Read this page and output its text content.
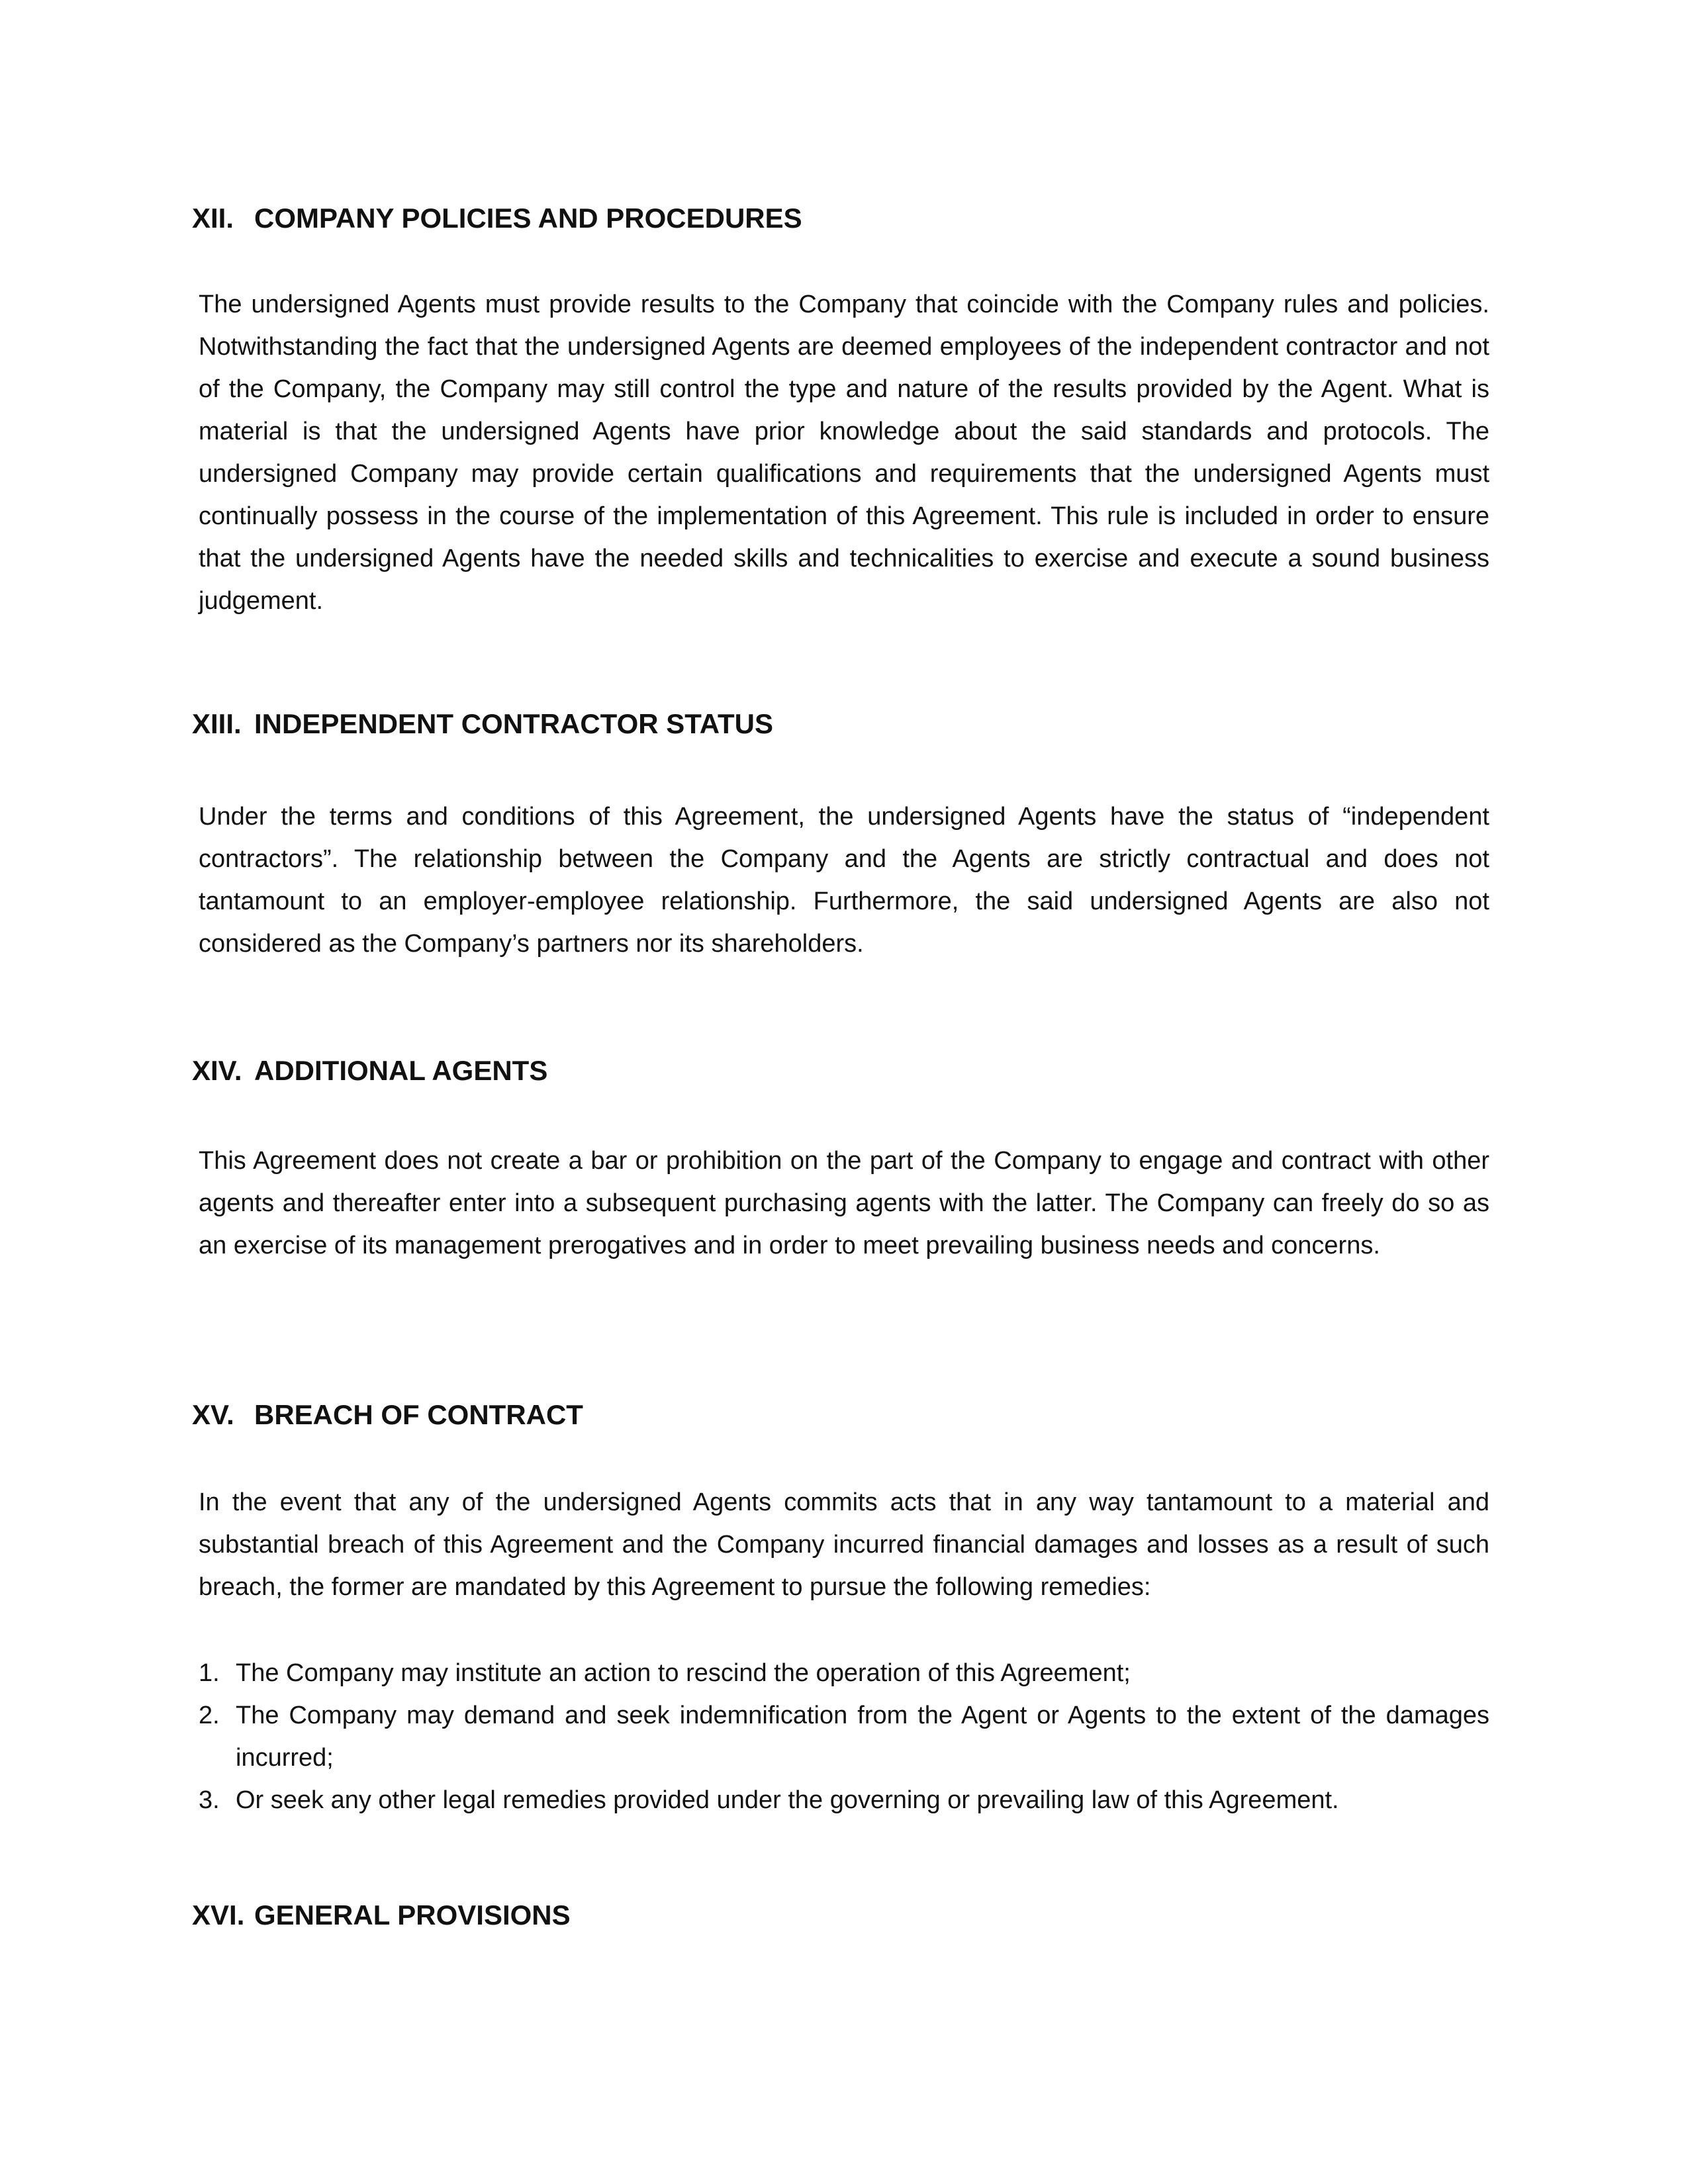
XII. COMPANY POLICIES AND PROCEDURES

The undersigned Agents must provide results to the Company that coincide with the Company rules and policies. Notwithstanding the fact that the undersigned Agents are deemed employees of the independent contractor and not of the Company, the Company may still control the type and nature of the results provided by the Agent. What is material is that the undersigned Agents have prior knowledge about the said standards and protocols. The undersigned Company may provide certain qualifications and requirements that the undersigned Agents must continually possess in the course of the implementation of this Agreement. This rule is included in order to ensure that the undersigned Agents have the needed skills and technicalities to exercise and execute a sound business judgement.

XIII. INDEPENDENT CONTRACTOR STATUS

Under the terms and conditions of this Agreement, the undersigned Agents have the status of “independent contractors”. The relationship between the Company and the Agents are strictly contractual and does not tantamount to an employer-employee relationship. Furthermore, the said undersigned Agents are also not considered as the Company’s partners nor its shareholders.

XIV. ADDITIONAL AGENTS

This Agreement does not create a bar or prohibition on the part of the Company to engage and contract with other agents and thereafter enter into a subsequent purchasing agents with the latter. The Company can freely do so as an exercise of its management prerogatives and in order to meet prevailing business needs and concerns.

XV. BREACH OF CONTRACT

In the event that any of the undersigned Agents commits acts that in any way tantamount to a material and substantial breach of this Agreement and the Company incurred financial damages and losses as a result of such breach, the former are mandated by this Agreement to pursue the following remedies:

1. The Company may institute an action to rescind the operation of this Agreement;
2. The Company may demand and seek indemnification from the Agent or Agents to the extent of the damages incurred;
3. Or seek any other legal remedies provided under the governing or prevailing law of this Agreement.
XVI. GENERAL PROVISIONS
